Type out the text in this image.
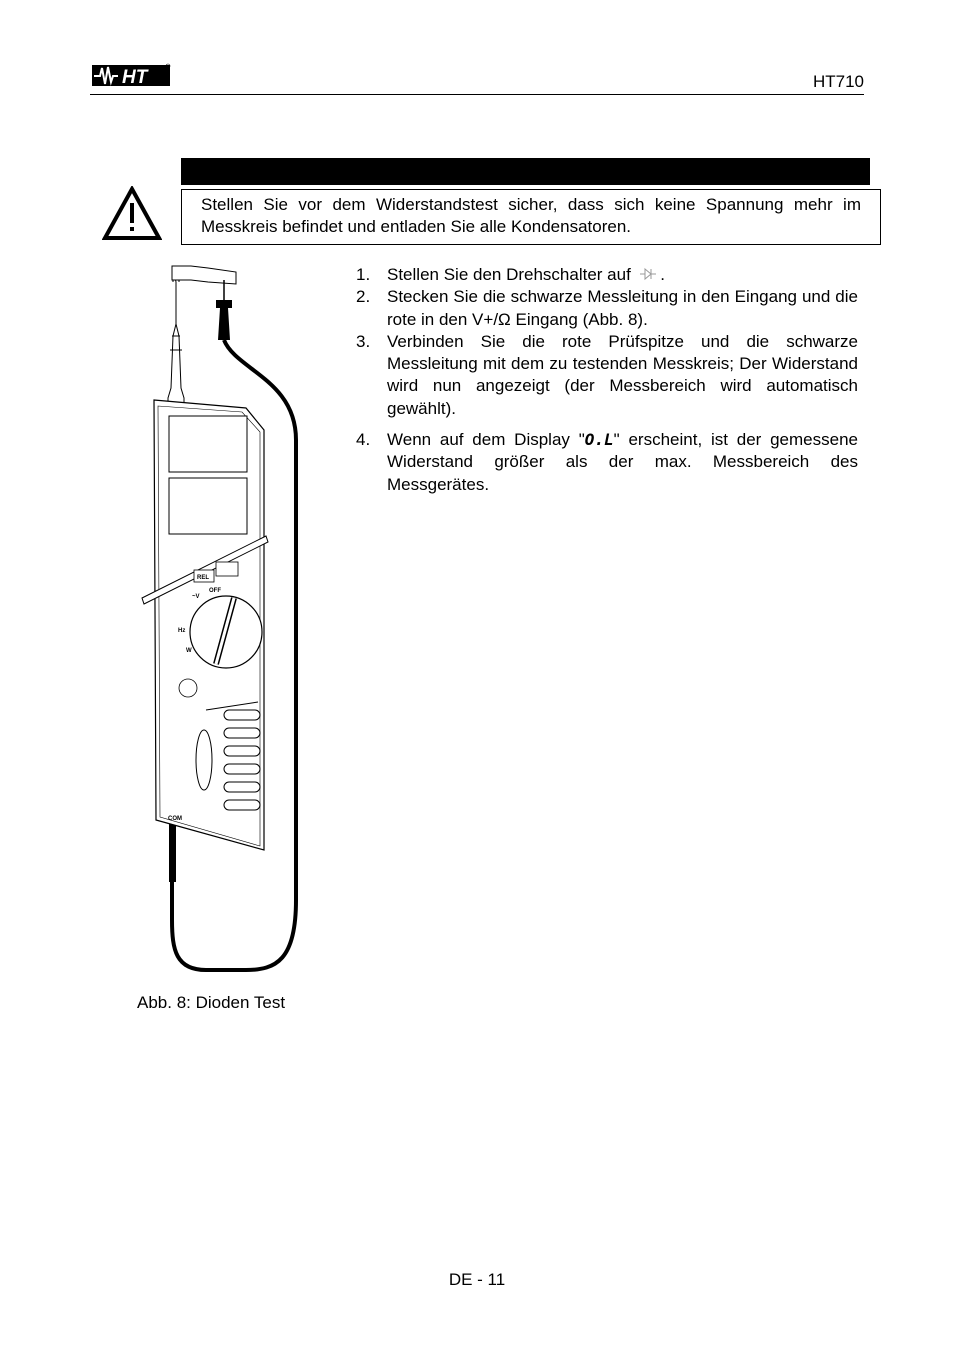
HT	HT710
Stellen Sie vor dem Widerstandstest sicher, dass sich keine Spannung mehr im Messkreis befindet und entladen Sie alle Kondensatoren.
REL
OFF
~V
Hz
W
COM
Abb. 8: Dioden Test
1. Stellen Sie den Drehschalter auf .
2. Stecken Sie die schwarze Messleitung in den Eingang und die rote in den V+/Ω Eingang (Abb. 8).
3. Verbinden Sie die rote Prüfspitze und die schwarze Messleitung mit dem zu testenden Messkreis; Der Widerstand wird nun angezeigt (der Messbereich wird automatisch gewählt).
4. Wenn auf dem Display "O.L" erscheint, ist der gemessene Widerstand größer als der max. Messbereich des Messgerätes.
DE - 11
